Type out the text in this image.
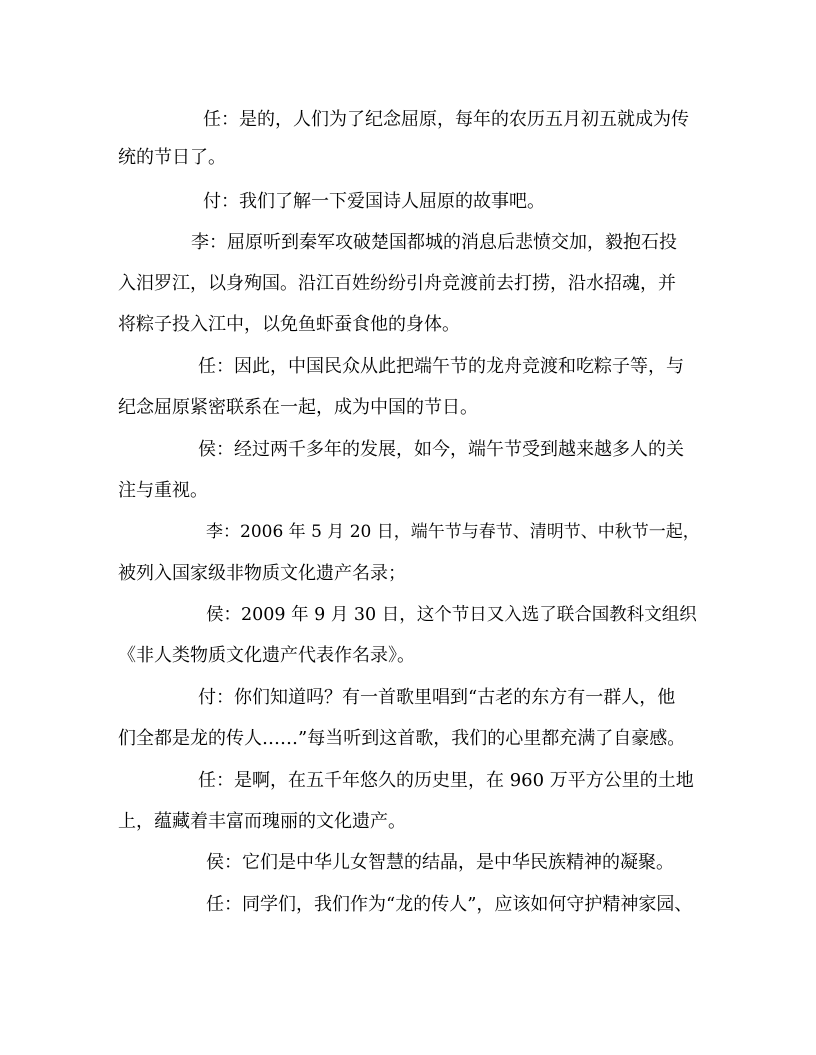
任：是的，人们为了纪念屈原，每年的农历五月初五就成为传
统的节日了。
付：我们了解一下爱国诗人屈原的故事吧。
李：屈原听到秦军攻破楚国都城的消息后悲愤交加，毅抱石投
入汨罗江，以身殉国。沿江百姓纷纷引舟竞渡前去打捞，沿水招魂，并
将粽子投入江中，以免鱼虾蚕食他的身体。
任：因此，中国民众从此把端午节的龙舟竞渡和吃粽子等，与
纪念屈原紧密联系在一起，成为中国的节日。
侯：经过两千多年的发展，如今，端午节受到越来越多人的关
注与重视。
李：2006 年 5 月 20 日，端午节与春节、清明节、中秋节一起，
被列入国家级非物质文化遗产名录；
侯：2009 年 9 月 30 日，这个节日又入选了联合国教科文组织
《非人类物质文化遗产代表作名录》。
付：你们知道吗？有一首歌里唱到“古老的东方有一群人，他
们全都是龙的传人……”每当听到这首歌，我们的心里都充满了自豪感。
任：是啊，在五千年悠久的历史里，在 960 万平方公里的土地
上，蕴藏着丰富而瑰丽的文化遗产。
侯：它们是中华儿女智慧的结晶，是中华民族精神的凝聚。
任：同学们，我们作为“龙的传人”，应该如何守护精神家园、
